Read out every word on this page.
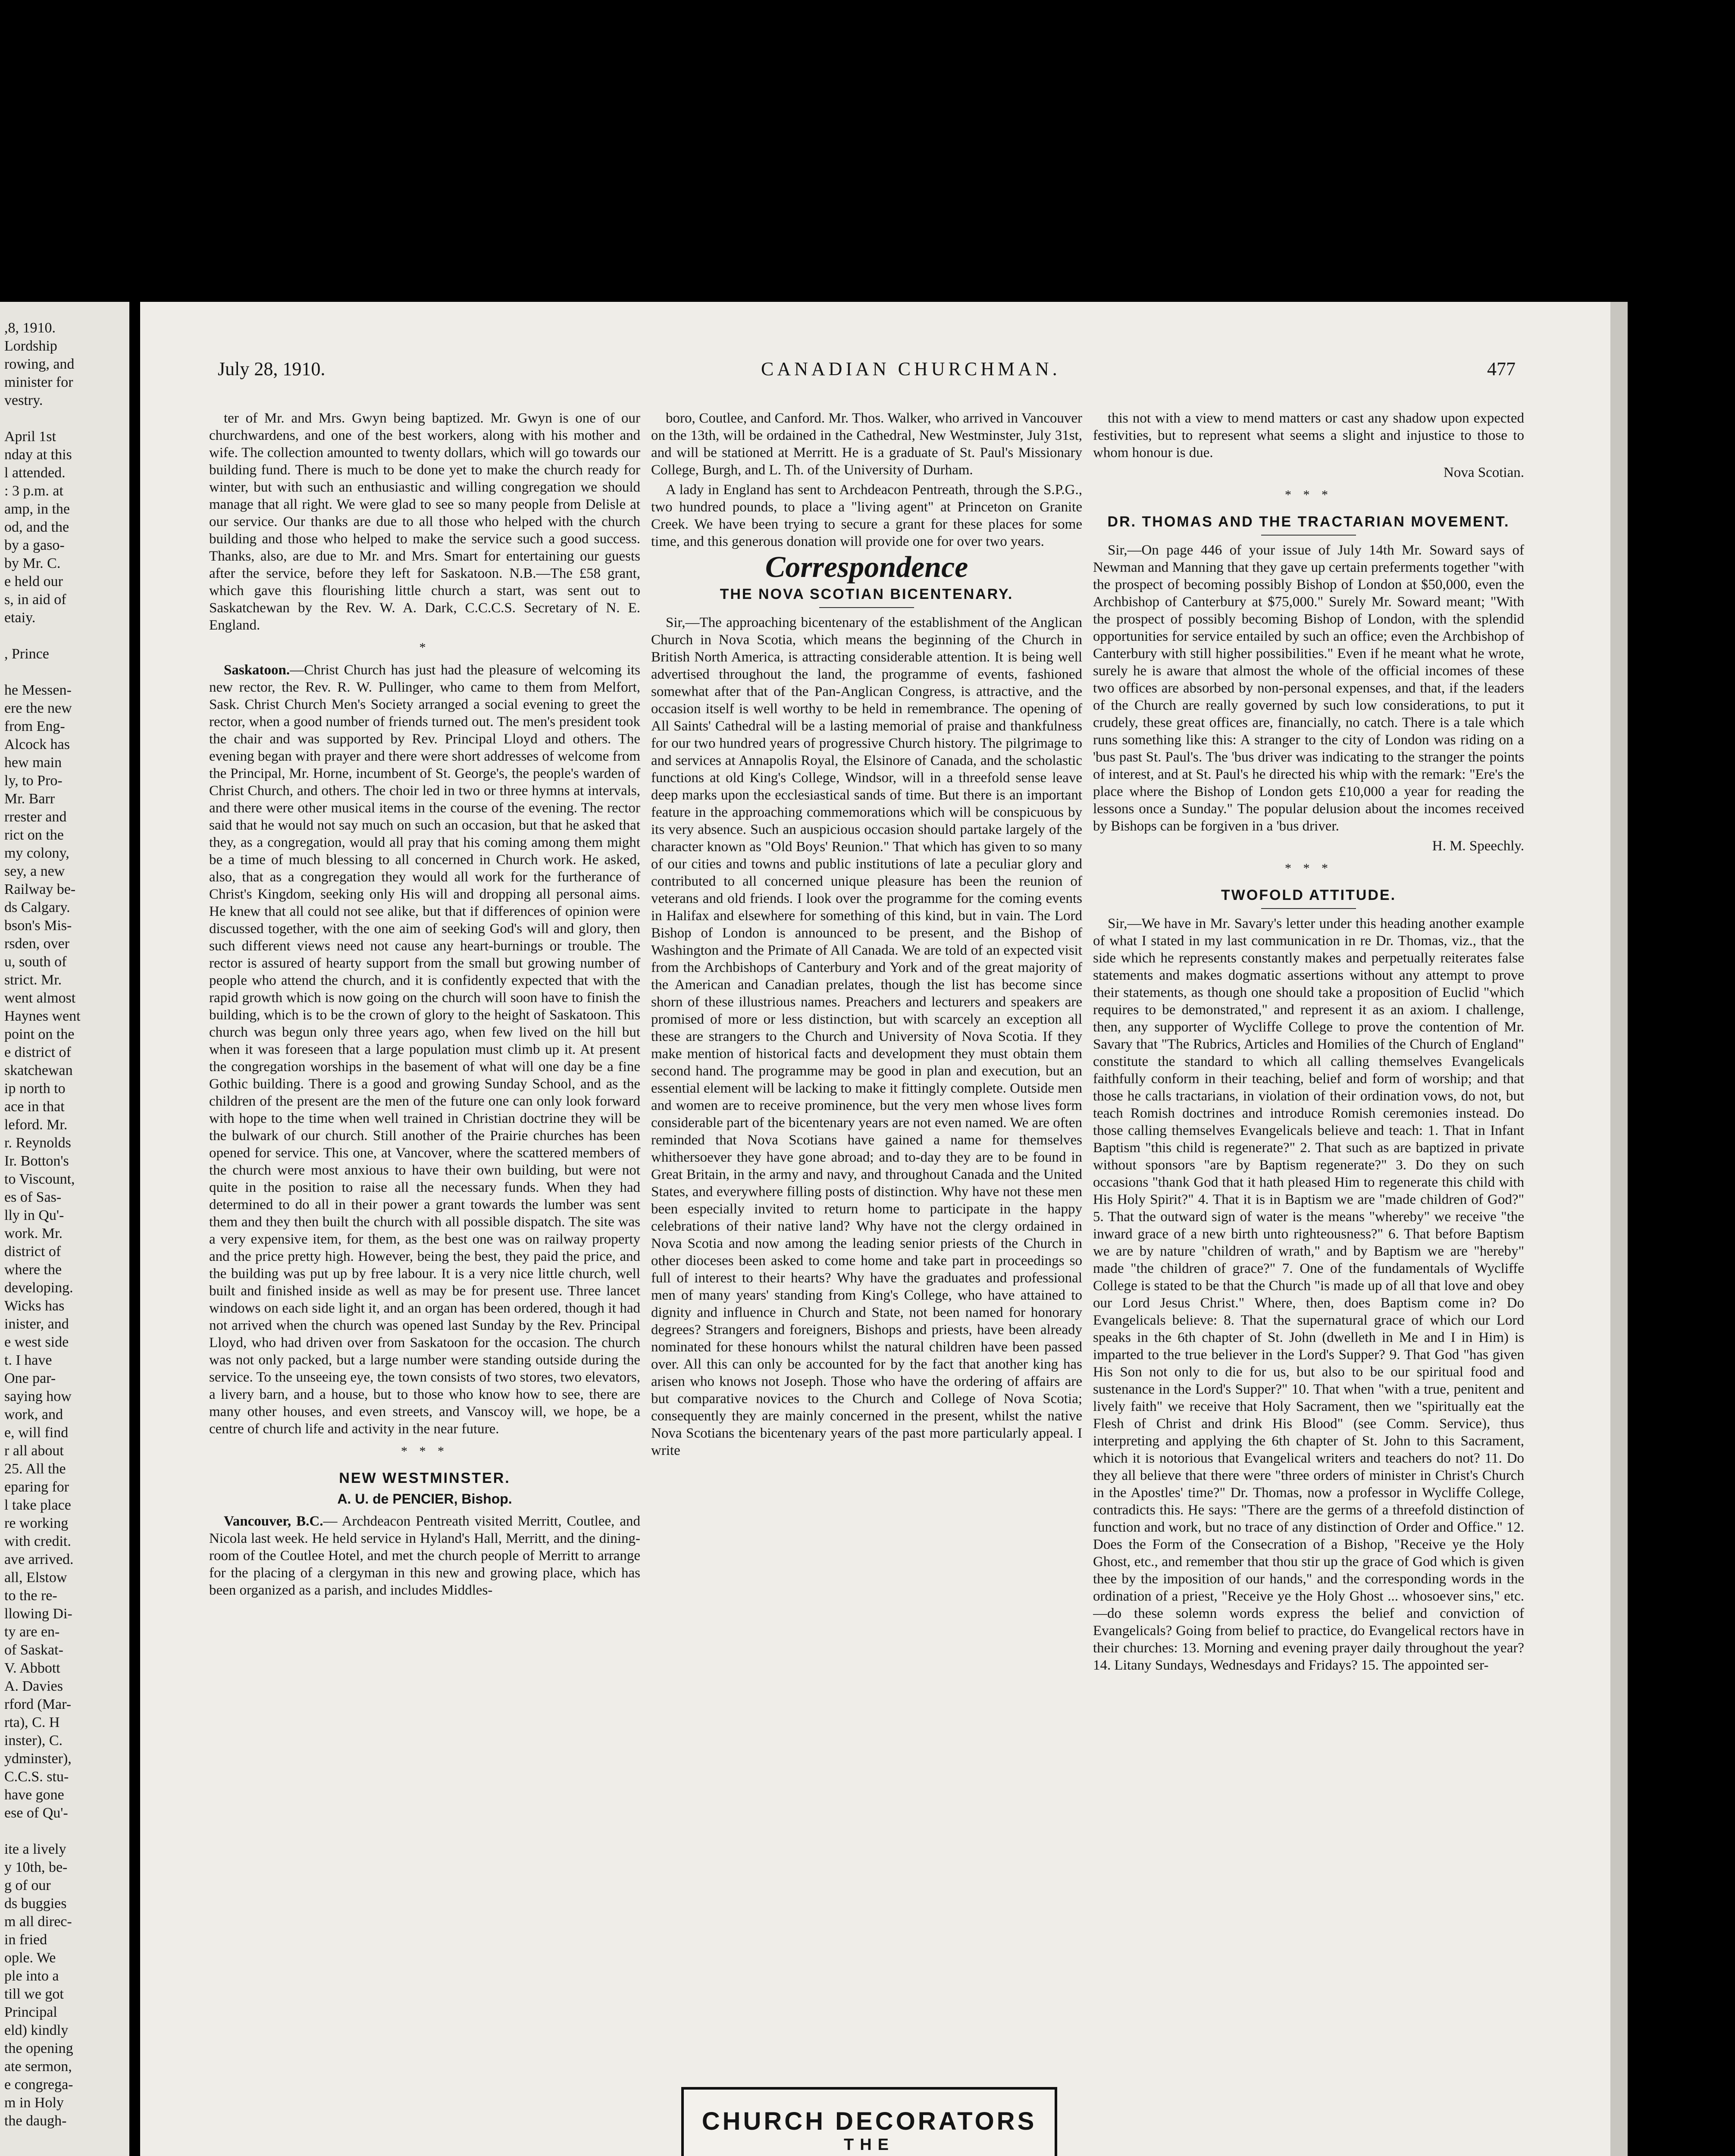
,8, 1910.
Lordship
rowing, and
minister for
vestry.

April 1st
nday at this
l attended.
: 3 p.m. at
amp, in the
od, and the
by a gaso-
by Mr. C.
e held our
s, in aid of
etaiy.

, Prince

he Messen-
ere the new
from Eng-
Alcock has
hew main
ly, to Pro-
Mr. Barr
rrester and
rict on the
my colony,
sey, a new
Railway be-
ds Calgary.
bson's Mis-
rsden, over
u, south of
strict. Mr.
went almost
Haynes went
point on the
e district of
skatchewan
ip north to
ace in that
leford. Mr.
r. Reynolds
Ir. Botton's
to Viscount,
es of Sas-
lly in Qu'-
work. Mr.
district of
where the
developing.
Wicks has
inister, and
e west side
t. I have
One par-
saying how
work, and
e, will find
r all about
25. All the
eparing for
l take place
re working
with credit.
ave arrived.
all, Elstow
to the re-
llowing Di-
ty are en-
of Saskat-
V. Abbott
A. Davies
rford (Mar-
rta), C. H
inster), C.
ydminster),
C.C.S. stu-
have gone
ese of Qu'-

ite a lively
y 10th, be-
g of our
ds buggies
m all direc-
in fried
ople. We
ple into a
till we got
Principal
eld) kindly
the opening
ate sermon,
e congrega-
m in Holy
the daugh-
July 28, 1910.	CANADIAN CHURCHMAN.	477

ter of Mr. and Mrs. Gwyn being baptized. Mr. Gwyn is one of our churchwardens, and one of the best workers, along with his mother and wife. The collection amounted to twenty dollars, which will go towards our building fund. There is much to be done yet to make the church ready for winter, but with such an enthusiastic and willing congregation we should manage that all right. We were glad to see so many people from Delisle at our service. Our thanks are due to all those who helped with the church building and those who helped to make the service such a good success. Thanks, also, are due to Mr. and Mrs. Smart for entertaining our guests after the service, before they left for Saskatoon. N.B.—The £58 grant, which gave this flourishing little church a start, was sent out to Saskatchewan by the Rev. W. A. Dark, C.C.C.S. Secretary of N. E. England.

*

Saskatoon.—Christ Church has just had the pleasure of welcoming its new rector, the Rev. R. W. Pullinger, who came to them from Melfort, Sask. Christ Church Men's Society arranged a social evening to greet the rector, when a good number of friends turned out. The men's president took the chair and was supported by Rev. Principal Lloyd and others. The evening began with prayer and there were short addresses of welcome from the Principal, Mr. Horne, incumbent of St. George's, the people's warden of Christ Church, and others. The choir led in two or three hymns at intervals, and there were other musical items in the course of the evening. The rector said that he would not say much on such an occasion, but that he asked that they, as a congregation, would all pray that his coming among them might be a time of much blessing to all concerned in Church work. He asked, also, that as a congregation they would all work for the furtherance of Christ's Kingdom, seeking only His will and dropping all personal aims. He knew that all could not see alike, but that if differences of opinion were discussed together, with the one aim of seeking God's will and glory, then such different views need not cause any heart-burnings or trouble. The rector is assured of hearty support from the small but growing number of people who attend the church, and it is confidently expected that with the rapid growth which is now going on the church will soon have to finish the building, which is to be the crown of glory to the height of Saskatoon. This church was begun only three years ago, when few lived on the hill but when it was foreseen that a large population must climb up it. At present the congregation worships in the basement of what will one day be a fine Gothic building. There is a good and growing Sunday School, and as the children of the present are the men of the future one can only look forward with hope to the time when well trained in Christian doctrine they will be the bulwark of our church. Still another of the Prairie churches has been opened for service. This one, at Vancover, where the scattered members of the church were most anxious to have their own building, but were not quite in the position to raise all the necessary funds. When they had determined to do all in their power a grant towards the lumber was sent them and they then built the church with all possible dispatch. The site was a very expensive item, for them, as the best one was on railway property and the price pretty high. However, being the best, they paid the price, and the building was put up by free labour. It is a very nice little church, well built and finished inside as well as may be for present use. Three lancet windows on each side light it, and an organ has been ordered, though it had not arrived when the church was opened last Sunday by the Rev. Principal Lloyd, who had driven over from Saskatoon for the occasion. The church was not only packed, but a large number were standing outside during the service. To the unseeing eye, the town consists of two stores, two elevators, a livery barn, and a house, but to those who know how to see, there are many other houses, and even streets, and Vanscoy will, we hope, be a centre of church life and activity in the near future.

* * *
NEW WESTMINSTER.
A. U. de PENCIER, Bishop.

Vancouver, B.C.— Archdeacon Pentreath visited Merritt, Coutlee, and Nicola last week. He held service in Hyland's Hall, Merritt, and the dining-room of the Coutlee Hotel, and met the church people of Merritt to arrange for the placing of a clergyman in this new and growing place, which has been organized as a parish, and includes Middles-

boro, Coutlee, and Canford. Mr. Thos. Walker, who arrived in Vancouver on the 13th, will be ordained in the Cathedral, New Westminster, July 31st, and will be stationed at Merritt. He is a graduate of St. Paul's Missionary College, Burgh, and L. Th. of the University of Durham.

A lady in England has sent to Archdeacon Pentreath, through the S.P.G., two hundred pounds, to place a "living agent" at Princeton on Granite Creek. We have been trying to secure a grant for these places for some time, and this generous donation will provide one for over two years.

Correspondence
THE NOVA SCOTIAN BICENTENARY.

Sir,—The approaching bicentenary of the establishment of the Anglican Church in Nova Scotia, which means the beginning of the Church in British North America, is attracting considerable attention. It is being well advertised throughout the land, the programme of events, fashioned somewhat after that of the Pan-Anglican Congress, is attractive, and the occasion itself is well worthy to be held in remembrance. The opening of All Saints' Cathedral will be a lasting memorial of praise and thankfulness for our two hundred years of progressive Church history. The pilgrimage to and services at Annapolis Royal, the Elsinore of Canada, and the scholastic functions at old King's College, Windsor, will in a threefold sense leave deep marks upon the ecclesiastical sands of time. But there is an important feature in the approaching commemorations which will be conspicuous by its very absence. Such an auspicious occasion should partake largely of the character known as "Old Boys' Reunion." That which has given to so many of our cities and towns and public institutions of late a peculiar glory and contributed to all concerned unique pleasure has been the reunion of veterans and old friends. I look over the programme for the coming events in Halifax and elsewhere for something of this kind, but in vain. The Lord Bishop of London is announced to be present, and the Bishop of Washington and the Primate of All Canada. We are told of an expected visit from the Archbishops of Canterbury and York and of the great majority of the American and Canadian prelates, though the list has become since shorn of these illustrious names. Preachers and lecturers and speakers are promised of more or less distinction, but with scarcely an exception all these are strangers to the Church and University of Nova Scotia. If they make mention of historical facts and development they must obtain them second hand. The programme may be good in plan and execution, but an essential element will be lacking to make it fittingly complete. Outside men and women are to receive prominence, but the very men whose lives form considerable part of the bicentenary years are not even named. We are often reminded that Nova Scotians have gained a name for themselves whithersoever they have gone abroad; and to-day they are to be found in Great Britain, in the army and navy, and throughout Canada and the United States, and everywhere filling posts of distinction. Why have not these men been especially invited to return home to participate in the happy celebrations of their native land? Why have not the clergy ordained in Nova Scotia and now among the leading senior priests of the Church in other dioceses been asked to come home and take part in proceedings so full of interest to their hearts? Why have the graduates and professional men of many years' standing from King's College, who have attained to dignity and influence in Church and State, not been named for honorary degrees? Strangers and foreigners, Bishops and priests, have been already nominated for these honours whilst the natural children have been passed over. All this can only be accounted for by the fact that another king has arisen who knows not Joseph. Those who have the ordering of affairs are but comparative novices to the Church and College of Nova Scotia; consequently they are mainly concerned in the present, whilst the native Nova Scotians the bicentenary years of the past more particularly appeal. I write

this not with a view to mend matters or cast any shadow upon expected festivities, but to represent what seems a slight and injustice to those to whom honour is due.

Nova Scotian.
* * *
DR. THOMAS AND THE TRACTARIAN MOVEMENT.

Sir,—On page 446 of your issue of July 14th Mr. Soward says of Newman and Manning that they gave up certain preferments together "with the prospect of becoming possibly Bishop of London at $50,000, even the Archbishop of Canterbury at $75,000." Surely Mr. Soward meant; "With the prospect of possibly becoming Bishop of London, with the splendid opportunities for service entailed by such an office; even the Archbishop of Canterbury with still higher possibilities." Even if he meant what he wrote, surely he is aware that almost the whole of the official incomes of these two offices are absorbed by non-personal expenses, and that, if the leaders of the Church are really governed by such low considerations, to put it crudely, these great offices are, financially, no catch. There is a tale which runs something like this: A stranger to the city of London was riding on a 'bus past St. Paul's. The 'bus driver was indicating to the stranger the points of interest, and at St. Paul's he directed his whip with the remark: "Ere's the place where the Bishop of London gets £10,000 a year for reading the lessons once a Sunday." The popular delusion about the incomes received by Bishops can be forgiven in a 'bus driver.

H. M. Speechly.
* * *
TWOFOLD ATTITUDE.

Sir,—We have in Mr. Savary's letter under this heading another example of what I stated in my last communication in re Dr. Thomas, viz., that the side which he represents constantly makes and perpetually reiterates false statements and makes dogmatic assertions without any attempt to prove their statements, as though one should take a proposition of Euclid "which requires to be demonstrated," and represent it as an axiom. I challenge, then, any supporter of Wycliffe College to prove the contention of Mr. Savary that "The Rubrics, Articles and Homilies of the Church of England" constitute the standard to which all calling themselves Evangelicals faithfully conform in their teaching, belief and form of worship; and that those he calls tractarians, in violation of their ordination vows, do not, but teach Romish doctrines and introduce Romish ceremonies instead. Do those calling themselves Evangelicals believe and teach: 1. That in Infant Baptism "this child is regenerate?" 2. That such as are baptized in private without sponsors "are by Baptism regenerate?" 3. Do they on such occasions "thank God that it hath pleased Him to regenerate this child with His Holy Spirit?" 4. That it is in Baptism we are "made children of God?" 5. That the outward sign of water is the means "whereby" we receive "the inward grace of a new birth unto righteousness?" 6. That before Baptism we are by nature "children of wrath," and by Baptism we are "hereby" made "the children of grace?" 7. One of the fundamentals of Wycliffe College is stated to be that the Church "is made up of all that love and obey our Lord Jesus Christ." Where, then, does Baptism come in? Do Evangelicals believe: 8. That the supernatural grace of which our Lord speaks in the 6th chapter of St. John (dwelleth in Me and I in Him) is imparted to the true believer in the Lord's Supper? 9. That God "has given His Son not only to die for us, but also to be our spiritual food and sustenance in the Lord's Supper?" 10. That when "with a true, penitent and lively faith" we receive that Holy Sacrament, then we "spiritually eat the Flesh of Christ and drink His Blood" (see Comm. Service), thus interpreting and applying the 6th chapter of St. John to this Sacrament, which it is notorious that Evangelical writers and teachers do not? 11. Do they all believe that there were "three orders of minister in Christ's Church in the Apostles' time?" Dr. Thomas, now a professor in Wycliffe College, contradicts this. He says: "There are the germs of a threefold distinction of function and work, but no trace of any distinction of Order and Office." 12. Does the Form of the Consecration of a Bishop, "Receive ye the Holy Ghost, etc., and remember that thou stir up the grace of God which is given thee by the imposition of our hands," and the corresponding words in the ordination of a priest, "Receive ye the Holy Ghost ... whosoever sins," etc.—do these solemn words express the belief and conviction of Evangelicals? Going from belief to practice, do Evangelical rectors have in their churches: 13. Morning and evening prayer daily throughout the year? 14. Litany Sundays, Wednesdays and Fridays? 15. The appointed ser-

CHURCH DECORATORS
THE
